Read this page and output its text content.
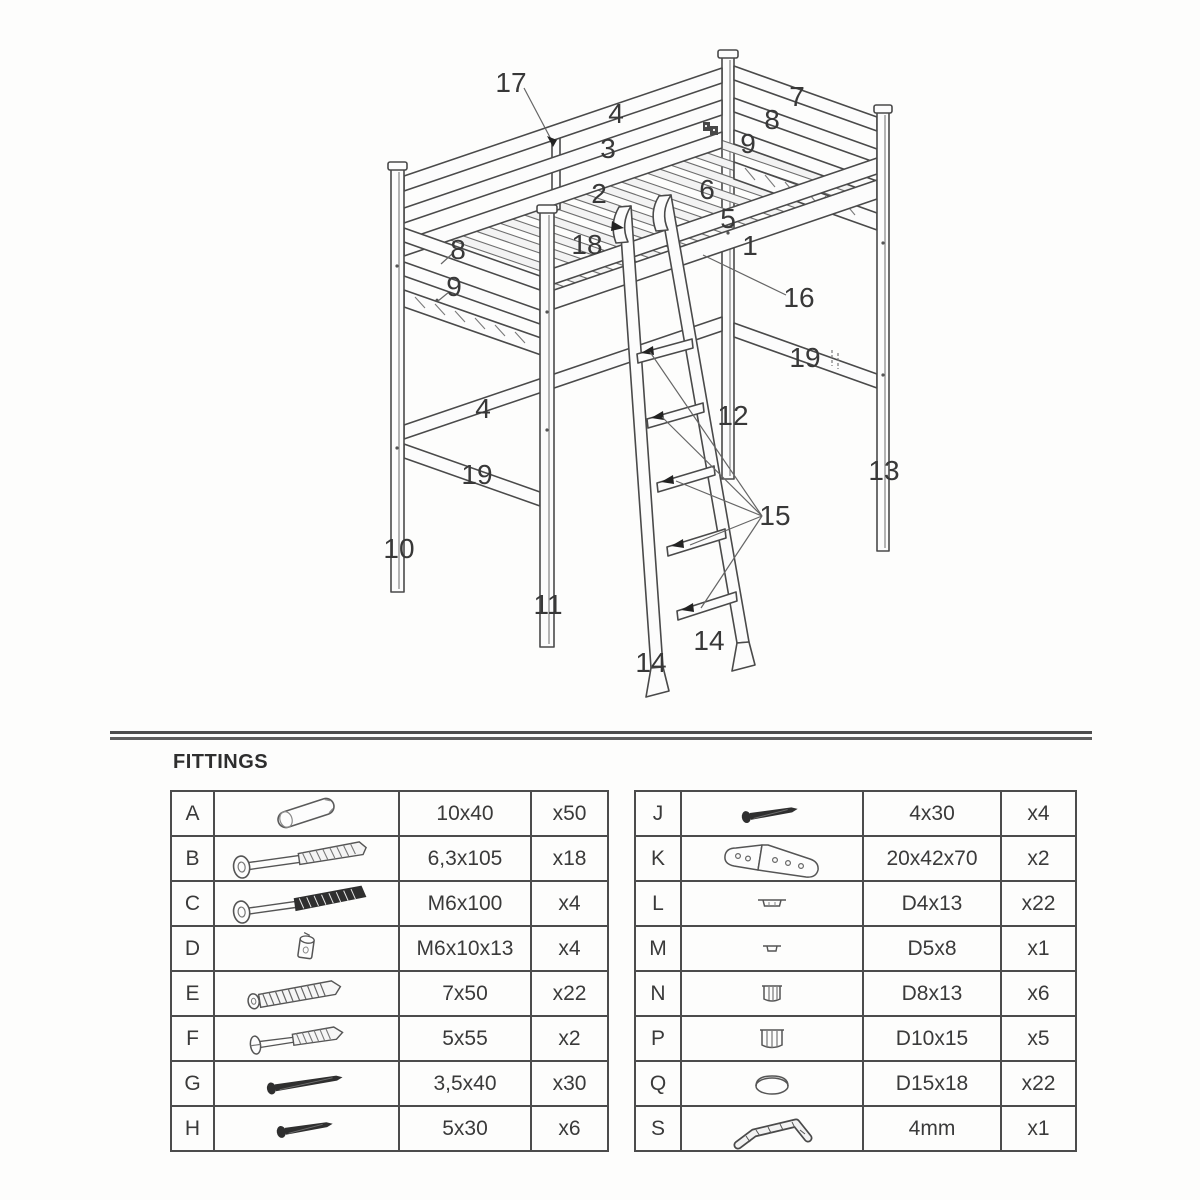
17
4
7
8
3	9
2	6
5
18	1
8
9	16
19
12
4
19	13
15
10
11
14
14
FITTINGS
A		10x40	x50
B		6,3x105	x18
C		M6x100	x4
D		M6x10x13	x4
E		7x50	x22
F		5x55	x2
G		3,5x40	x30
H		5x30	x6
J		4x30	x4
K		20x42x70	x2
L		D4x13	x22
M		D5x8	x1
N		D8x13	x6
P		D10x15	x5
Q		D15x18	x22
S		4mm	x1
